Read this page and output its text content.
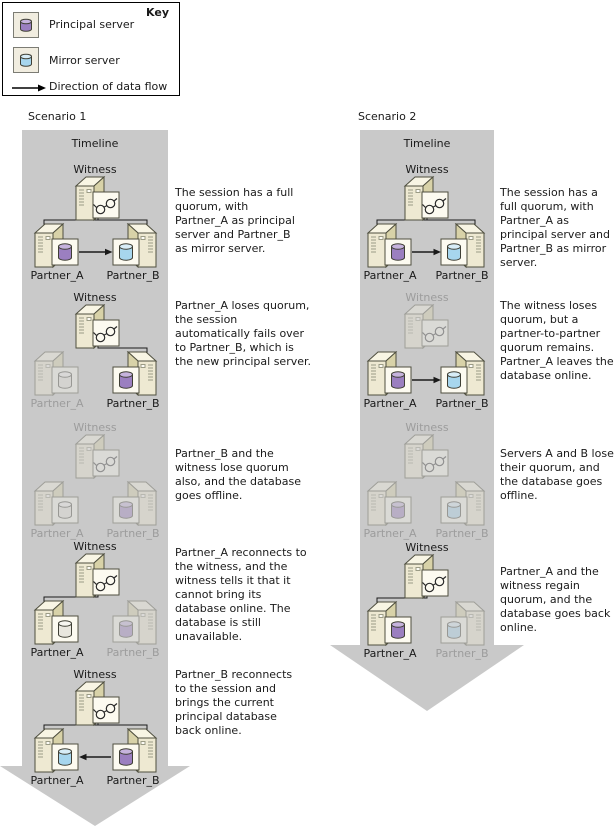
Key
Principal server
Mirror server
Direction of data flow
Scenario 1
Timeline
Witness
Partner_A	Partner_B
Witness
Partner_A	Partner_B
Witness
Partner_A	Partner_B
Witness
Partner_A	Partner_B
Witness
Partner_A	Partner_B
The session has a full quorum, with Partner_A as principal server and Partner_B as mirror server.
Partner_A loses quorum, the session automatically fails over to Partner_B, which is the new principal server.
Partner_B and the witness lose quorum also, and the database goes offline.
Partner_A reconnects to the witness, and the witness tells it that it cannot bring its database online. The database is still unavailable.
Partner_B reconnects to the session and brings the current principal database back online.
Scenario 2
Timeline
Witness
Partner_A	Partner_B
Witness
Partner_A	Partner_B
Witness
Partner_A	Partner_B
Witness
Partner_A	Partner_B
The session has a full quorum, with Partner_A as principal server and Partner_B as mirror server.
The witness loses quorum, but a partner-to-partner quorum remains. Partner_A leaves the database online.
Servers A and B lose their quorum, and the database goes offline.
Partner_A and the witness regain quorum, and the database goes back online.
